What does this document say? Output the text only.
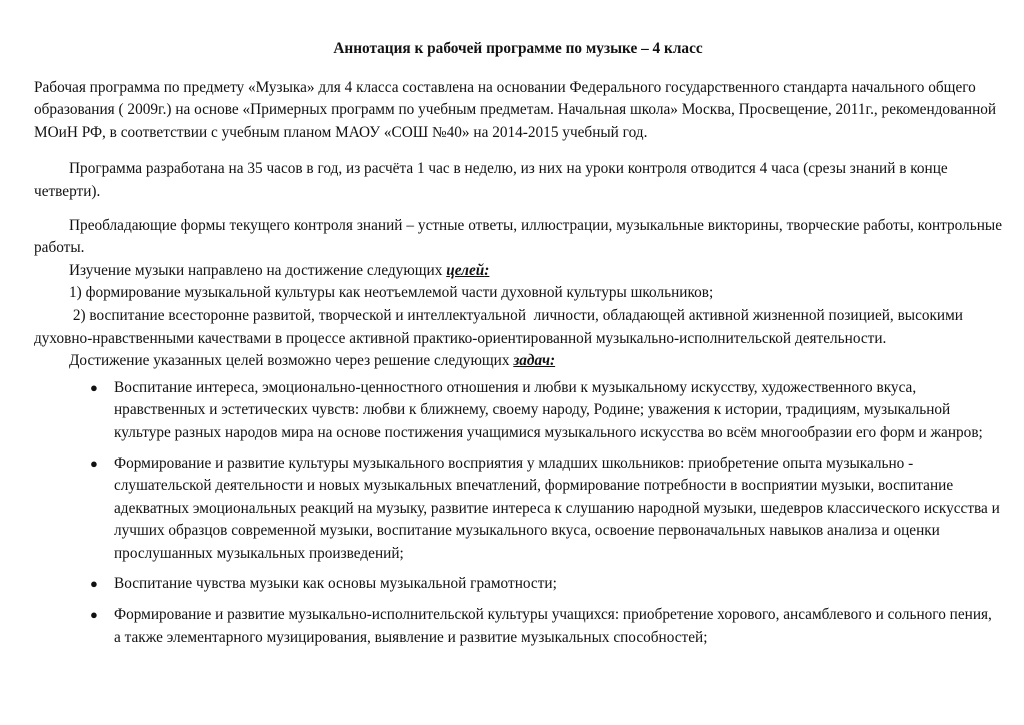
Аннотация к рабочей программе по музыке – 4 класс

Рабочая программа по предмету «Музыка» для 4 класса составлена на основании Федерального государственного стандарта начального общего образования ( 2009г.) на основе «Примерных программ по учебным предметам. Начальная школа» Москва, Просвещение, 2011г., рекомендованной МОиН РФ, в соответствии с учебным планом МАОУ «СОШ №40» на 2014-2015 учебный год.

Программа разработана на 35 часов в год, из расчёта 1 час в неделю, из них на уроки контроля отводится 4 часа (срезы знаний в конце четверти).

Преобладающие формы текущего контроля знаний – устные ответы, иллюстрации, музыкальные викторины, творческие работы, контрольные работы.

Изучение музыки направлено на достижение следующих целей:

1) формирование музыкальной культуры как неотъемлемой части духовной культуры школьников;

2) воспитание всесторонне развитой, творческой и интеллектуальной  личности, обладающей активной жизненной позицией, высокими духовно-нравственными качествами в процессе активной практико-ориентированной музыкально-исполнительской деятельности.

Достижение указанных целей возможно через решение следующих задач:

● Воспитание интереса, эмоционально-ценностного отношения и любви к музыкальному искусству, художественного вкуса, нравственных и эстетических чувств: любви к ближнему, своему народу, Родине; уважения к истории, традициям, музыкальной культуре разных народов мира на основе постижения учащимися музыкального искусства во всём многообразии его форм и жанров;
● Формирование и развитие культуры музыкального восприятия у младших школьников: приобретение опыта музыкально - слушательской деятельности и новых музыкальных впечатлений, формирование потребности в восприятии музыки, воспитание адекватных эмоциональных реакций на музыку, развитие интереса к слушанию народной музыки, шедевров классического искусства и лучших образцов современной музыки, воспитание музыкального вкуса, освоение первоначальных навыков анализа и оценки прослушанных музыкальных произведений;
● Воспитание чувства музыки как основы музыкальной грамотности;
● Формирование и развитие музыкально-исполнительской культуры учащихся: приобретение хорового, ансамблевого и сольного пения, а также элементарного музицирования, выявление и развитие музыкальных способностей;
